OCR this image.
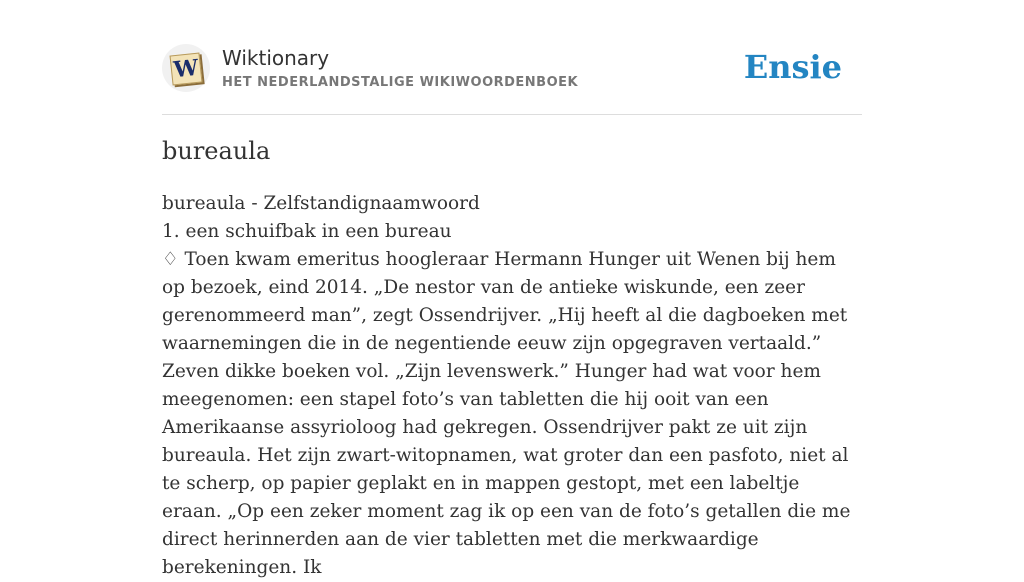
W Wiktionary
HET NEDERLANDSTALIGE WIKIWOORDENBOEK	Ensie
bureaula

bureaula - Zelfstandignaamwoord

1. een schuifbak in een bureau

♢ Toen kwam emeritus hoogleraar Hermann Hunger uit Wenen bij hem op bezoek, eind 2014. „De nestor van de antieke wiskunde, een zeer gerenommeerd man”, zegt Ossendrijver. „Hij heeft al die dagboeken met waarnemingen die in de negentiende eeuw zijn opgegraven vertaald.” Zeven dikke boeken vol. „Zijn levenswerk.” Hunger had wat voor hem meegenomen: een stapel foto’s van tabletten die hij ooit van een Amerikaanse assyrioloog had gekregen. Ossendrijver pakt ze uit zijn bureaula. Het zijn zwart-witopnamen, wat groter dan een pasfoto, niet al te scherp, op papier geplakt en in mappen gestopt, met een labeltje eraan. „Op een zeker moment zag ik op een van de foto’s getallen die me direct herinnerden aan de vier tabletten met die merkwaardige berekeningen. Ik
